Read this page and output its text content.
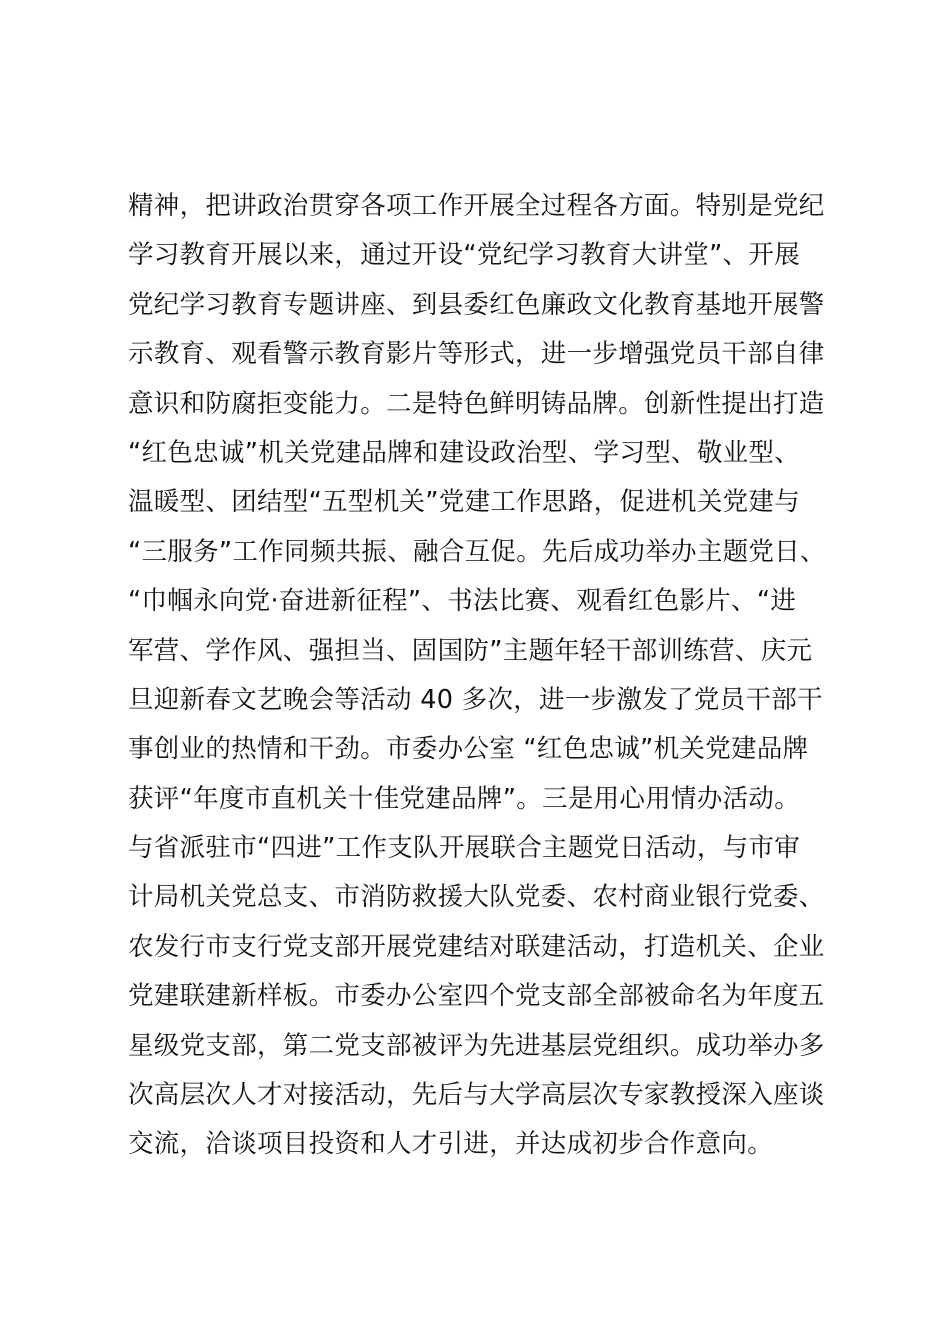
精神，把讲政治贯穿各项工作开展全过程各方面。特别是党纪
学习教育开展以来，通过开设“党纪学习教育大讲堂”、开展
党纪学习教育专题讲座、到县委红色廉政文化教育基地开展警
示教育、观看警示教育影片等形式，进一步增强党员干部自律
意识和防腐拒变能力。二是特色鲜明铸品牌。创新性提出打造
“红色忠诚”机关党建品牌和建设政治型、学习型、敬业型、
温暖型、团结型“五型机关”党建工作思路，促进机关党建与
“三服务”工作同频共振、融合互促。先后成功举办主题党日、
“巾帼永向党·奋进新征程”、书法比赛、观看红色影片、“进
军营、学作风、强担当、固国防”主题年轻干部训练营、庆元
旦迎新春文艺晚会等活动 40 多次，进一步激发了党员干部干
事创业的热情和干劲。市委办公室 “红色忠诚”机关党建品牌
获评“年度市直机关十佳党建品牌”。三是用心用情办活动。
与省派驻市“四进”工作支队开展联合主题党日活动，与市审
计局机关党总支、市消防救援大队党委、农村商业银行党委、
农发行市支行党支部开展党建结对联建活动，打造机关、企业
党建联建新样板。市委办公室四个党支部全部被命名为年度五
星级党支部，第二党支部被评为先进基层党组织。成功举办多
次高层次人才对接活动，先后与大学高层次专家教授深入座谈
交流，洽谈项目投资和人才引进，并达成初步合作意向。
